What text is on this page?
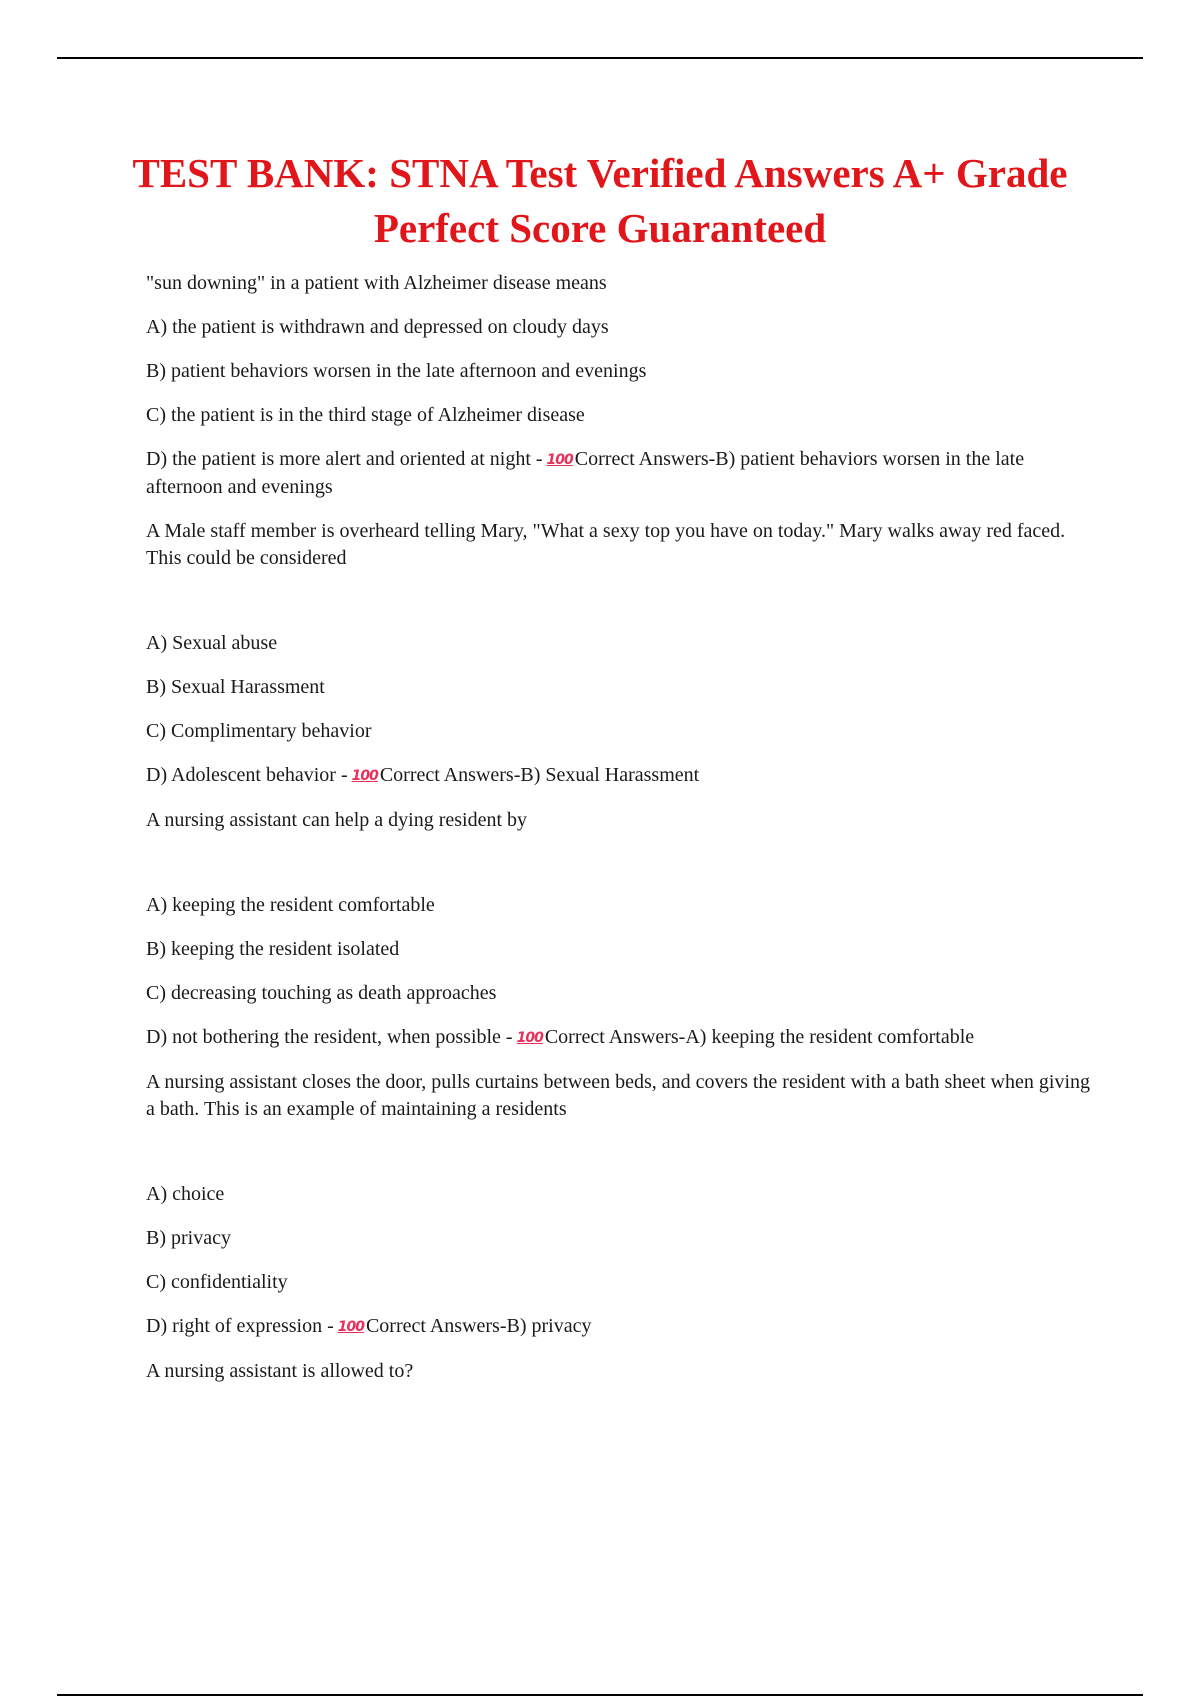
TEST BANK: STNA Test Verified Answers A+ Grade Perfect Score Guaranteed

"sun downing" in a patient with Alzheimer disease means

A) the patient is withdrawn and depressed on cloudy days

B) patient behaviors worsen in the late afternoon and evenings

C) the patient is in the third stage of Alzheimer disease

D) the patient is more alert and oriented at night - 100 Correct Answers-B) patient behaviors worsen in the late afternoon and evenings

A Male staff member is overheard telling Mary, "What a sexy top you have on today." Mary walks away red faced. This could be considered

A) Sexual abuse

B) Sexual Harassment

C) Complimentary behavior

D) Adolescent behavior - 100 Correct Answers-B) Sexual Harassment

A nursing assistant can help a dying resident by

A) keeping the resident comfortable

B) keeping the resident isolated

C) decreasing touching as death approaches

D) not bothering the resident, when possible - 100 Correct Answers-A) keeping the resident comfortable

A nursing assistant closes the door, pulls curtains between beds, and covers the resident with a bath sheet when giving a bath. This is an example of maintaining a residents

A) choice

B) privacy

C) confidentiality

D) right of expression - 100 Correct Answers-B) privacy

A nursing assistant is allowed to?
